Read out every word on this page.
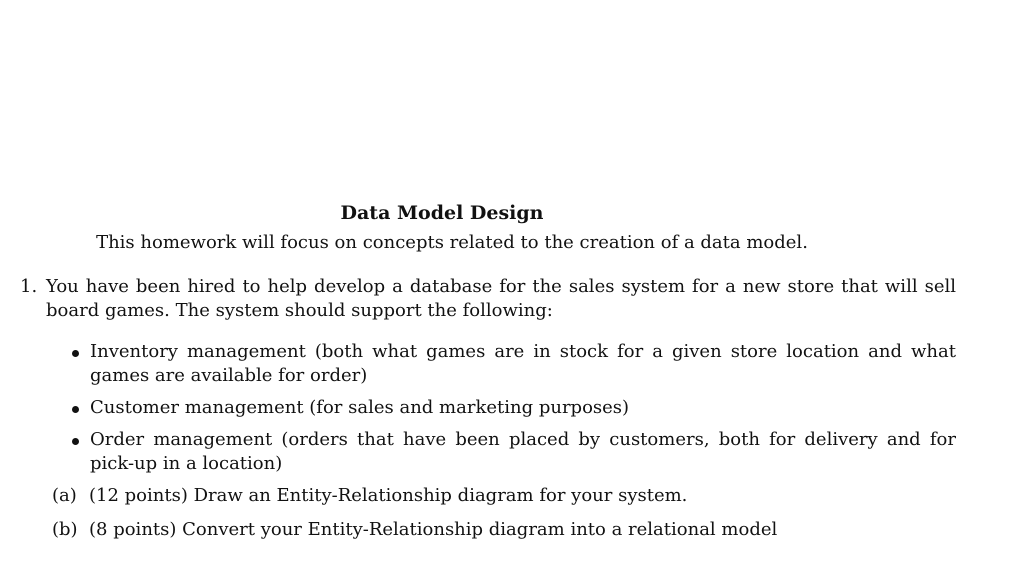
Data Model Design
This homework will focus on concepts related to the creation of a data model.
1. You have been hired to help develop a database for the sales system for a new store that will sell board games. The system should support the following:
Inventory management (both what games are in stock for a given store location and what games are available for order)
Customer management (for sales and marketing purposes)
Order management (orders that have been placed by customers, both for delivery and for pick-up in a location)
(a) (12 points) Draw an Entity-Relationship diagram for your system.
(b) (8 points) Convert your Entity-Relationship diagram into a relational model
